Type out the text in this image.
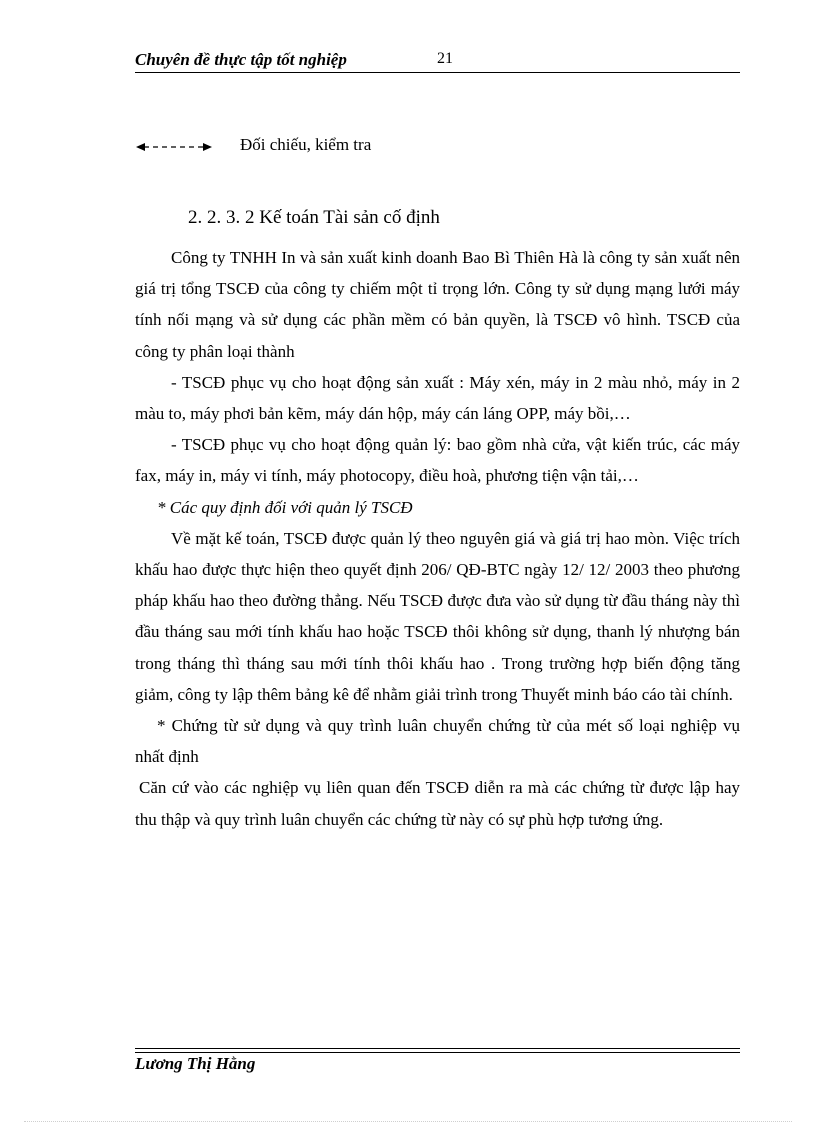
Chuyên đề thực tập tốt nghiệp	21
Đối chiếu, kiểm tra
2. 2. 3. 2 Kế toán Tài sản cố định

Công ty TNHH In và sản xuất kinh doanh Bao Bì Thiên Hà là công ty sản xuất nên giá trị tổng TSCĐ của công ty chiếm một tỉ trọng lớn. Công ty sử dụng mạng lưới máy tính nối mạng và sử dụng các phần mềm có bản quyền, là TSCĐ vô hình. TSCĐ của công ty phân loại thành

- TSCĐ phục vụ cho hoạt động sản xuất : Máy xén, máy in 2 màu nhỏ, máy in 2 màu to, máy phơi bản kẽm, máy dán hộp, máy cán láng OPP, máy bồi,…

- TSCĐ phục vụ cho hoạt động quản lý: bao gồm nhà cửa, vật kiến trúc, các máy fax, máy in, máy vi tính, máy photocopy, điều hoà, phương tiện vận tải,…

* Các quy định đối với quản lý TSCĐ

Về mặt kế toán, TSCĐ được quản lý theo nguyên giá và giá trị hao mòn. Việc trích khấu hao được thực hiện theo quyết định 206/ QĐ-BTC ngày 12/ 12/ 2003 theo phương pháp khấu hao theo đường thẳng. Nếu TSCĐ được đưa vào sử dụng từ đầu tháng này thì đầu tháng sau mới tính khấu hao hoặc TSCĐ thôi không sử dụng, thanh lý nhượng bán trong tháng thì tháng sau mới tính thôi khấu hao . Trong trường hợp biến động tăng giảm, công ty lập thêm bảng kê để nhằm giải trình trong Thuyết minh báo cáo tài chính.

* Chứng từ sử dụng và quy trình luân chuyển chứng từ của mét số loại nghiệp vụ nhất định

Căn cứ vào các nghiệp vụ liên quan đến TSCĐ diễn ra mà các chứng từ được lập hay thu thập và quy trình luân chuyển các chứng từ này có sự phù hợp tương ứng.

Lương Thị Hằng
